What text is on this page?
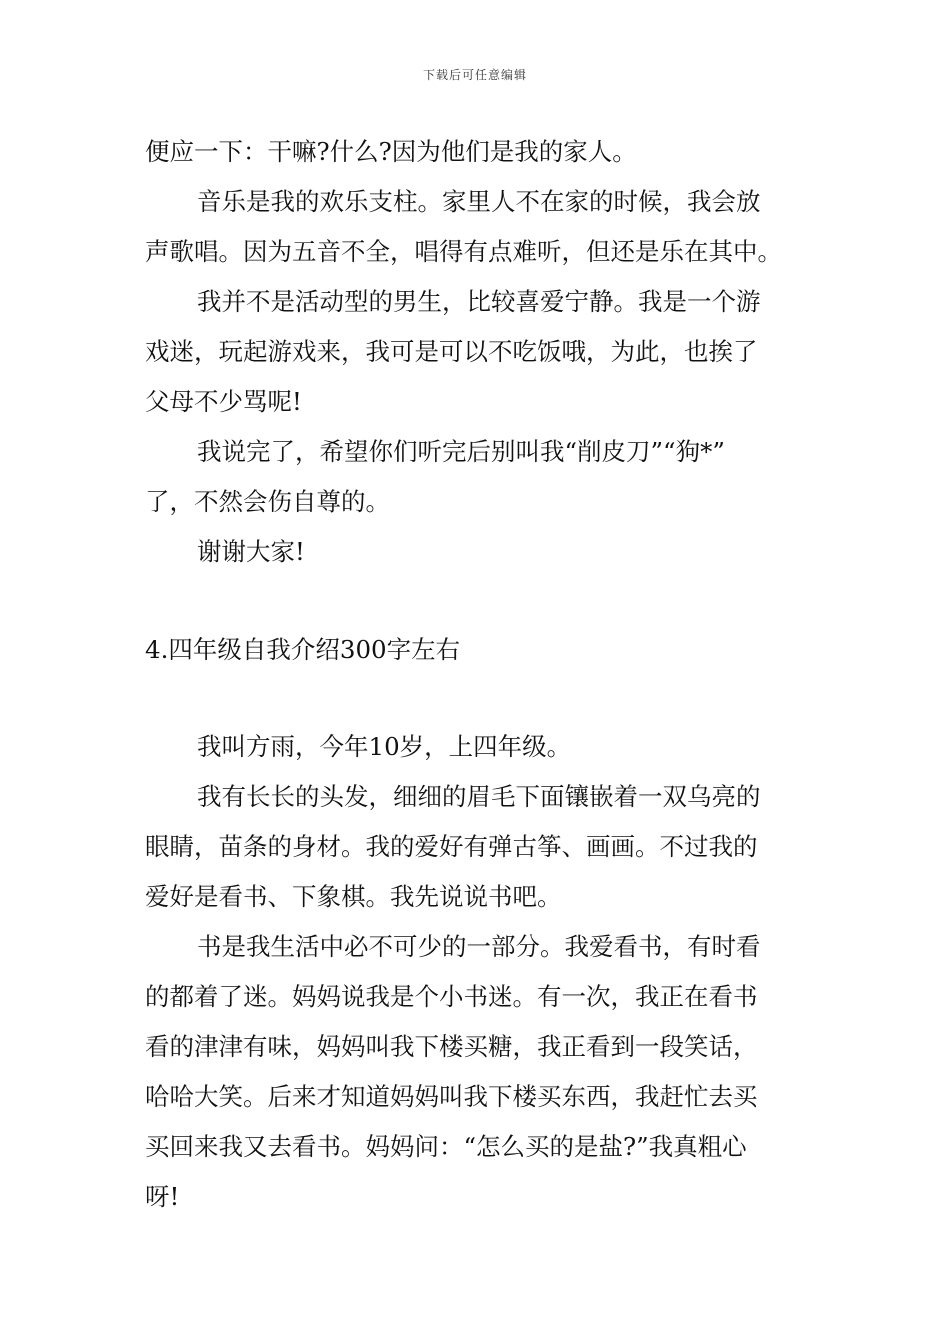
下载后可任意编辑
便应一下：干嘛?什么?因为他们是我的家人。
音乐是我的欢乐支柱。家里人不在家的时候，我会放
声歌唱。因为五音不全，唱得有点难听，但还是乐在其中。
我并不是活动型的男生，比较喜爱宁静。我是一个游
戏迷，玩起游戏来，我可是可以不吃饭哦，为此，也挨了
父母不少骂呢!
我说完了，希望你们听完后别叫我“削皮刀”“狗*”
了，不然会伤自尊的。
谢谢大家!
4.四年级自我介绍300字左右
我叫方雨，今年10岁，上四年级。
我有长长的头发，细细的眉毛下面镶嵌着一双乌亮的
眼睛，苗条的身材。我的爱好有弹古筝、画画。不过我的
爱好是看书、下象棋。我先说说书吧。
书是我生活中必不可少的一部分。我爱看书，有时看
的都着了迷。妈妈说我是个小书迷。有一次，我正在看书
看的津津有味，妈妈叫我下楼买糖，我正看到一段笑话，
哈哈大笑。后来才知道妈妈叫我下楼买东西，我赶忙去买
买回来我又去看书。妈妈问：“怎么买的是盐?”我真粗心
呀!
